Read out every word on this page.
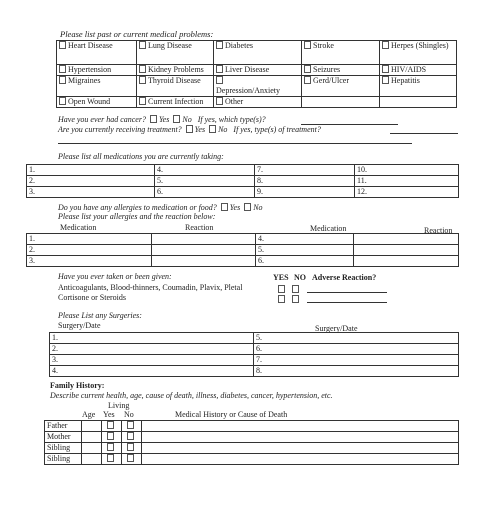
Please list past or current medical problems:
Heart Disease	Lung Disease	Diabetes	Stroke	Herpes (Shingles)
Hypertension	Kidney Problems	Liver Disease	Seizures	HIV/AIDS
Migraines	Thyroid Disease	Depression/Anxiety	Gerd/Ulcer	Hepatitis
Open Wound	Current Infection	Other		
Have you ever had cancer? Yes No If yes, which type(s)?
Are you currently receiving treatment? Yes No If yes, type(s) of treatment?
Please list all medications you are currently taking:
1.	4.	7.	10.
2.	5.	8.	11.
3.	6.	9.	12.
Do you have any allergies to medication or food? Yes No
Please list your allergies and the reaction below:
Medication	Reaction	Medication	Reaction
1.		4.	
2.		5.	
3.		6.	
Have you ever taken or been given:
Anticoagulants, Blood-thinners, Coumadin, Plavix, Pletal
Cortisone or Steroids
YES NO Adverse Reaction?
Please List any Surgeries:
Surgery/Date	Surgery/Date
1.	5.
2.	6.
3.	7.
4.	8.
Family History:
Describe current health, age, cause of death, illness, diabetes, cancer, hypertension, etc.
Living
Age Yes No	Medical History or Cause of Death
Father				
Mother				
Sibling				
Sibling				
